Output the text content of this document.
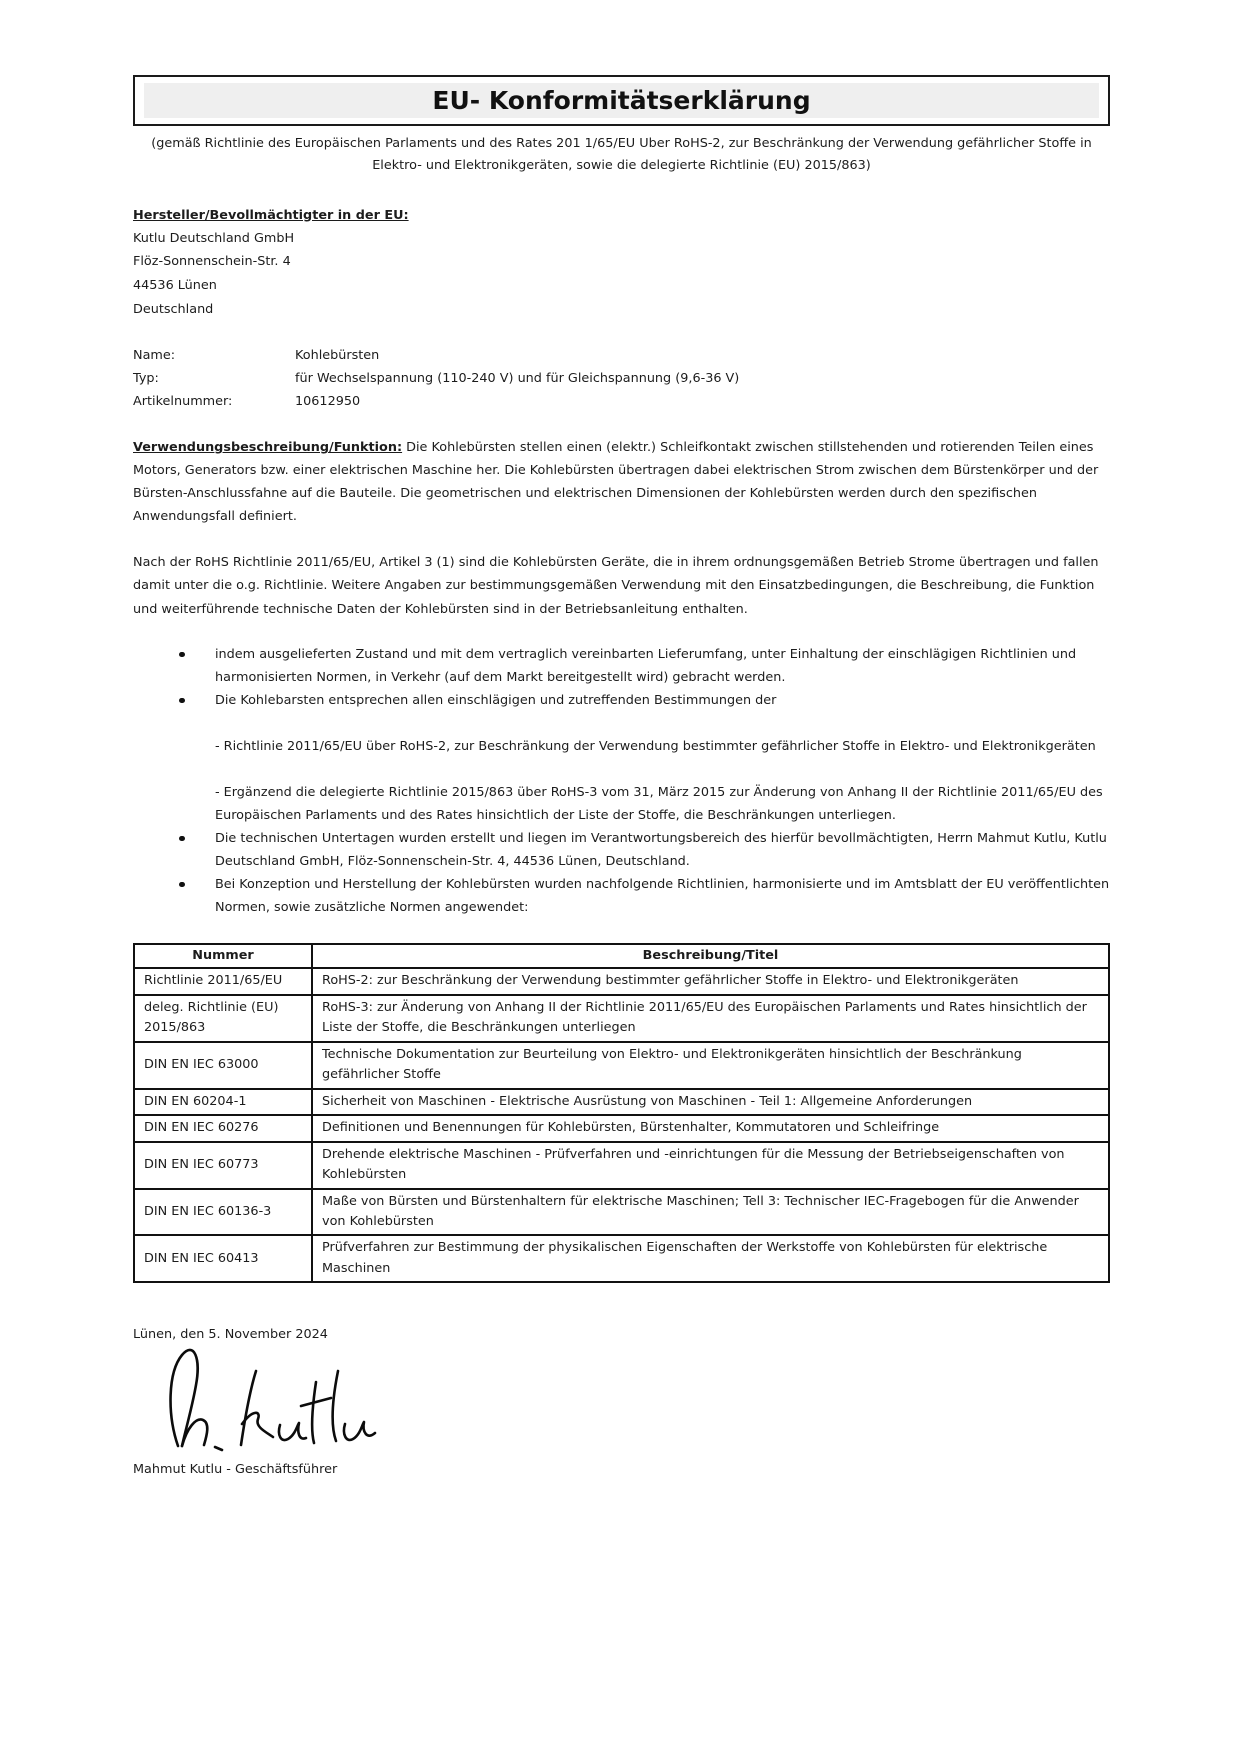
EU- Konformitätserklärung
(gemäß Richtlinie des Europäischen Parlaments und des Rates 201 1/65/EU Uber RoHS-2, zur Beschränkung der Verwendung gefährlicher Stoffe in Elektro- und Elektronikgeräten, sowie die delegierte Richtlinie (EU) 2015/863)
Hersteller/Bevollmächtigter in der EU:
Kutlu Deutschland GmbH
Flöz-Sonnenschein-Str. 4
44536 Lünen
Deutschland
Name:	Kohlebürsten
Typ:	für Wechselspannung (110-240 V) und für Gleichspannung (9,6-36 V)
Artikelnummer:	10612950
Verwendungsbeschreibung/Funktion: Die Kohlebürsten stellen einen (elektr.) Schleifkontakt zwischen stillstehenden und rotierenden Teilen eines Motors, Generators bzw. einer elektrischen Maschine her. Die Kohlebürsten übertragen dabei elektrischen Strom zwischen dem Bürstenkörper und der Bürsten-Anschlussfahne auf die Bauteile. Die geometrischen und elektrischen Dimensionen der Kohlebürsten werden durch den spezifischen Anwendungsfall definiert.
Nach der RoHS Richtlinie 2011/65/EU, Artikel 3 (1) sind die Kohlebürsten Geräte, die in ihrem ordnungsgemäßen Betrieb Strome übertragen und fallen damit unter die o.g. Richtlinie. Weitere Angaben zur bestimmungsgemäßen Verwendung mit den Einsatzbedingungen, die Beschreibung, die Funktion und weiterführende technische Daten der Kohlebürsten sind in der Betriebsanleitung enthalten.
indem ausgelieferten Zustand und mit dem vertraglich vereinbarten Lieferumfang, unter Einhaltung der einschlägigen Richtlinien und harmonisierten Normen, in Verkehr (auf dem Markt bereitgestellt wird) gebracht werden.
Die Kohlebarsten entsprechen allen einschlägigen und zutreffenden Bestimmungen der
- Richtlinie 2011/65/EU über RoHS-2, zur Beschränkung der Verwendung bestimmter gefährlicher Stoffe in Elektro- und Elektronikgeräten
- Ergänzend die delegierte Richtlinie 2015/863 über RoHS-3 vom 31, März 2015 zur Änderung von Anhang II der Richtlinie 2011/65/EU des Europäischen Parlaments und des Rates hinsichtlich der Liste der Stoffe, die Beschränkungen unterliegen.
Die technischen Untertagen wurden erstellt und liegen im Verantwortungsbereich des hierfür bevollmächtigten, Herrn Mahmut Kutlu, Kutlu Deutschland GmbH, Flöz-Sonnenschein-Str. 4, 44536 Lünen, Deutschland.
Bei Konzeption und Herstellung der Kohlebürsten wurden nachfolgende Richtlinien, harmonisierte und im Amtsblatt der EU veröffentlichten Normen, sowie zusätzliche Normen angewendet:
Nummer	Beschreibung/Titel
Richtlinie 2011/65/EU	RoHS-2: zur Beschränkung der Verwendung bestimmter gefährlicher Stoffe in Elektro- und Elektronikgeräten
deleg. Richtlinie (EU) 2015/863	RoHS-3: zur Änderung von Anhang II der Richtlinie 2011/65/EU des Europäischen Parlaments und Rates hinsichtlich der Liste der Stoffe, die Beschränkungen unterliegen
DIN EN IEC 63000	Technische Dokumentation zur Beurteilung von Elektro- und Elektronikgeräten hinsichtlich der Beschränkung gefährlicher Stoffe
DIN EN 60204-1	Sicherheit von Maschinen - Elektrische Ausrüstung von Maschinen - Teil 1: Allgemeine Anforderungen
DIN EN IEC 60276	Definitionen und Benennungen für Kohlebürsten, Bürstenhalter, Kommutatoren und Schleifringe
DIN EN IEC 60773	Drehende elektrische Maschinen - Prüfverfahren und -einrichtungen für die Messung der Betriebseigenschaften von Kohlebürsten
DIN EN IEC 60136-3	Maße von Bürsten und Bürstenhaltern für elektrische Maschinen; Tell 3: Technischer IEC-Fragebogen für die Anwender von Kohlebürsten
DIN EN IEC 60413	Prüfverfahren zur Bestimmung der physikalischen Eigenschaften der Werkstoffe von Kohlebürsten für elektrische Maschinen
Lünen, den 5. November 2024
Mahmut Kutlu - Geschäftsführer
